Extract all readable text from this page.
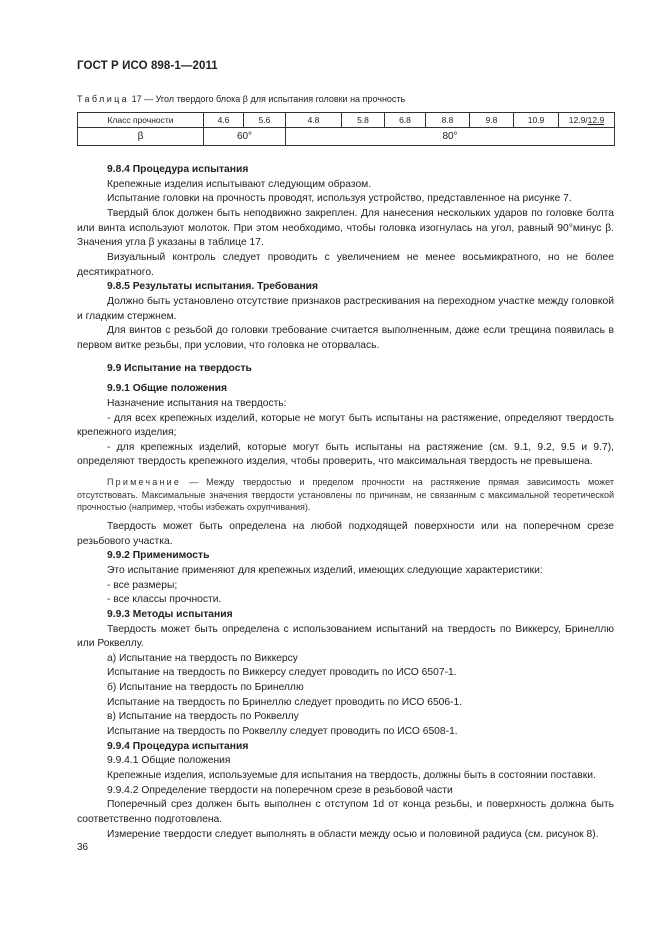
ГОСТ Р ИСО 898-1—2011
Таблица 17 — Угол твердого блока β для испытания головки на прочность
Класс прочности	4.6	5.6	4.8	5.8	6.8	8.8	9.8	10.9	12.9/12.9
β	60°		80°						

9.8.4 Процедура испытания

Крепежные изделия испытывают следующим образом.

Испытание головки на прочность проводят, используя устройство, представленное на рисунке 7.

Твердый блок должен быть неподвижно закреплен. Для нанесения нескольких ударов по головке болта или винта используют молоток. При этом необходимо, чтобы головка изогнулась на угол, равный 90°минус β. Значения угла β указаны в таблице 17.

Визуальный контроль следует проводить с увеличением не менее восьмикратного, но не более десятикратного.

9.8.5 Результаты испытания. Требования

Должно быть установлено отсутствие признаков растрескивания на переходном участке между головкой и гладким стержнем.

Для винтов с резьбой до головки требование считается выполненным, даже если трещина появилась в первом витке резьбы, при условии, что головка не оторвалась.

9.9 Испытание на твердость

9.9.1 Общие положения

Назначение испытания на твердость:

- для всех крепежных изделий, которые не могут быть испытаны на растяжение, определяют твердость крепежного изделия;

- для крепежных изделий, которые могут быть испытаны на растяжение (см. 9.1, 9.2, 9.5 и 9.7), определяют твердость крепежного изделия, чтобы проверить, что максимальная твердость не превышена.

Примечание — Между твердостью и пределом прочности на растяжение прямая зависимость может отсутствовать. Максимальные значения твердости установлены по причинам, не связанным с максимальной теоретической прочностью (например, чтобы избежать охрупчивания).

Твердость может быть определена на любой подходящей поверхности или на поперечном срезе резьбового участка.

9.9.2 Применимость

Это испытание применяют для крепежных изделий, имеющих следующие характеристики:

- все размеры;

- все классы прочности.

9.9.3 Методы испытания

Твердость может быть определена с использованием испытаний на твердость по Виккерсу, Бринеллю или Роквеллу.

а) Испытание на твердость по Виккерсу

Испытание на твердость по Виккерсу следует проводить по ИСО 6507-1.

б) Испытание на твердость по Бринеллю

Испытание на твердость по Бринеллю следует проводить по ИСО 6506-1.

в) Испытание на твердость по Роквеллу

Испытание на твердость по Роквеллу следует проводить по ИСО 6508-1.

9.9.4 Процедура испытания

9.9.4.1 Общие положения

Крепежные изделия, используемые для испытания на твердость, должны быть в состоянии поставки.

9.9.4.2 Определение твердости на поперечном срезе в резьбовой части

Поперечный срез должен быть выполнен с отступом 1d от конца резьбы, и поверхность должна быть соответственно подготовлена.

Измерение твердости следует выполнять в области между осью и половиной радиуса (см. рисунок 8).

36
